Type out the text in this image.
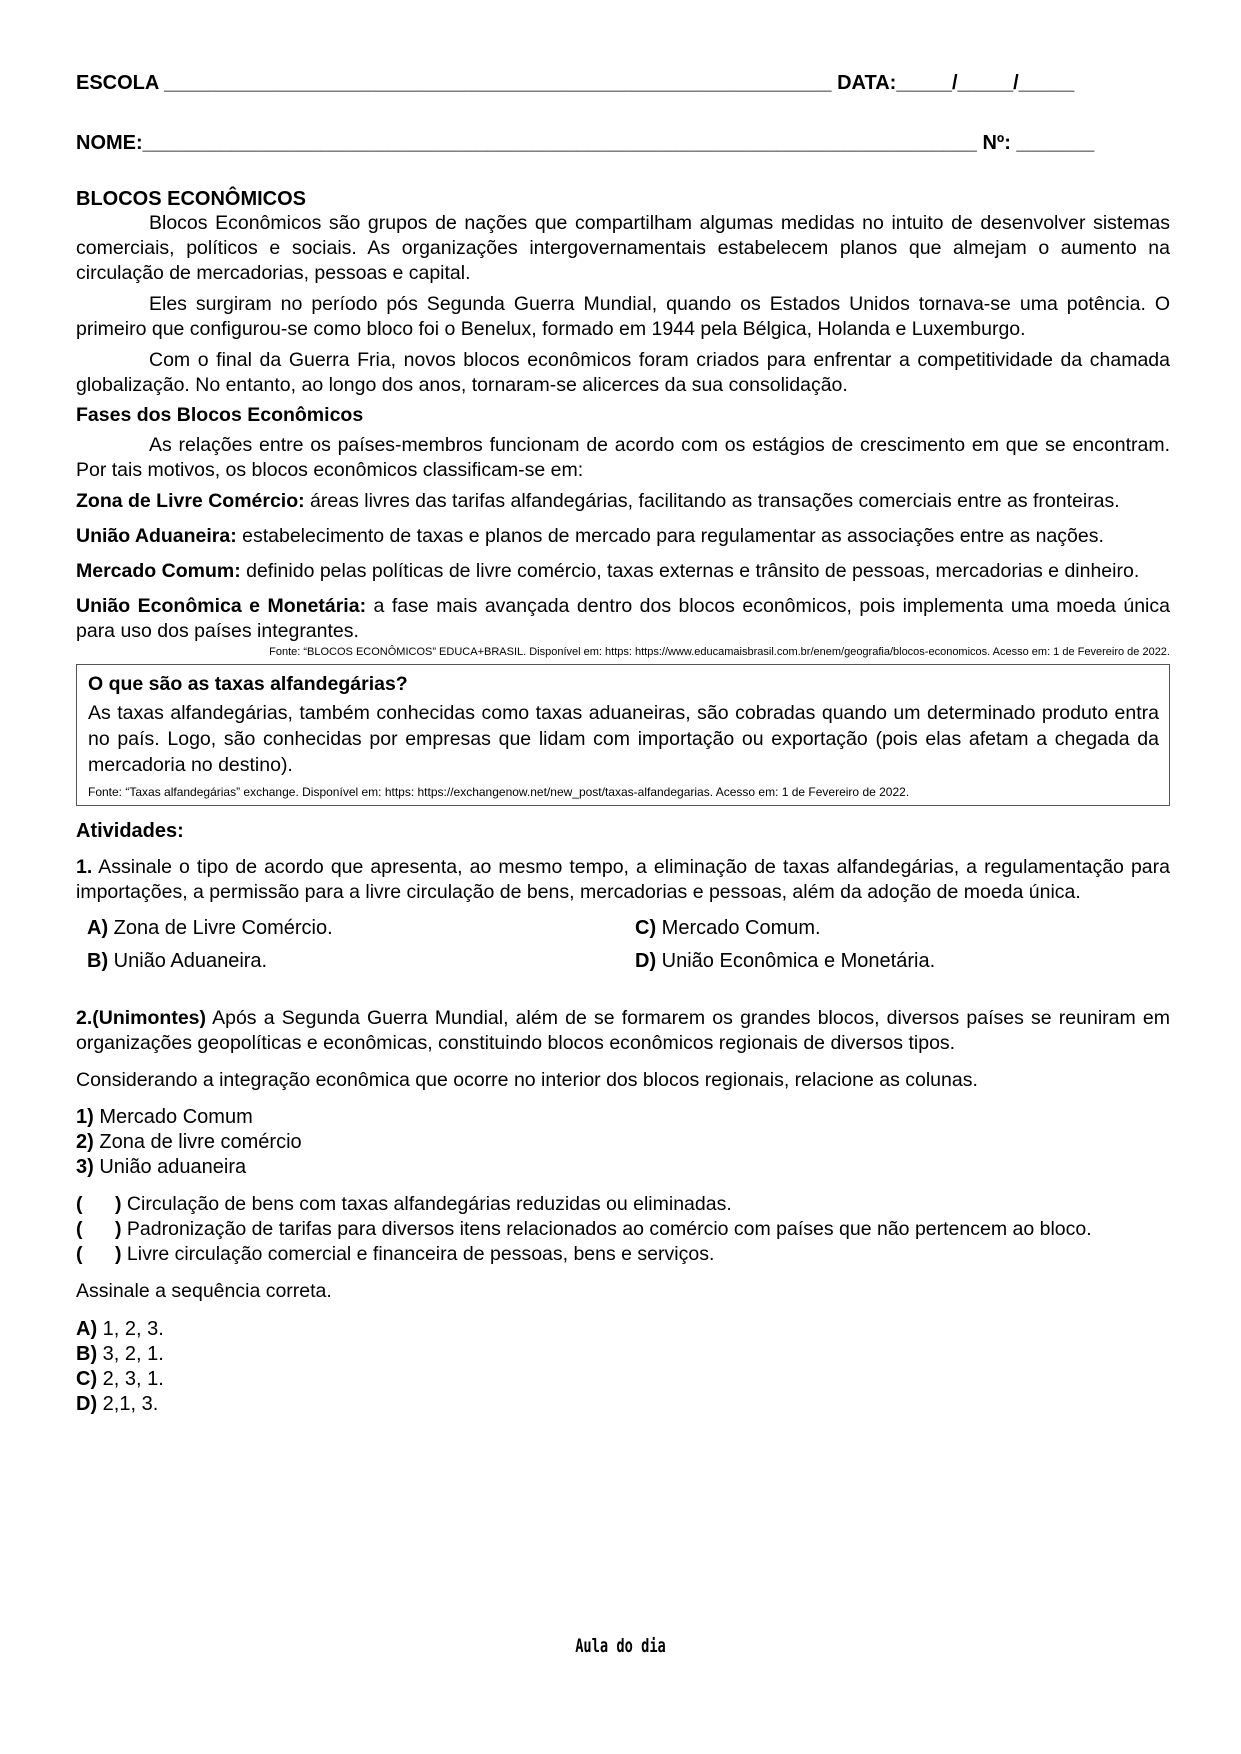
ESCOLA ____________________________________________________________ DATA:_____/_____/_____
NOME:___________________________________________________________________________ Nº: _______
BLOCOS ECONÔMICOS
Blocos Econômicos são grupos de nações que compartilham algumas medidas no intuito de desenvolver sistemas comerciais, políticos e sociais. As organizações intergovernamentais estabelecem planos que almejam o aumento na circulação de mercadorias, pessoas e capital.
Eles surgiram no período pós Segunda Guerra Mundial, quando os Estados Unidos tornava-se uma potência. O primeiro que configurou-se como bloco foi o Benelux, formado em 1944 pela Bélgica, Holanda e Luxemburgo.
Com o final da Guerra Fria, novos blocos econômicos foram criados para enfrentar a competitividade da chamada globalização. No entanto, ao longo dos anos, tornaram-se alicerces da sua consolidação.
Fases dos Blocos Econômicos
As relações entre os países-membros funcionam de acordo com os estágios de crescimento em que se encontram. Por tais motivos, os blocos econômicos classificam-se em:
Zona de Livre Comércio: áreas livres das tarifas alfandegárias, facilitando as transações comerciais entre as fronteiras.
União Aduaneira: estabelecimento de taxas e planos de mercado para regulamentar as associações entre as nações.
Mercado Comum: definido pelas políticas de livre comércio, taxas externas e trânsito de pessoas, mercadorias e dinheiro.
União Econômica e Monetária: a fase mais avançada dentro dos blocos econômicos, pois implementa uma moeda única para uso dos países integrantes.
Fonte: “BLOCOS ECONÔMICOS” EDUCA+BRASIL. Disponível em: https: https://www.educamaisbrasil.com.br/enem/geografia/blocos-economicos. Acesso em: 1 de Fevereiro de 2022.
O que são as taxas alfandegárias?
As taxas alfandegárias, também conhecidas como taxas aduaneiras, são cobradas quando um determinado produto entra no país. Logo, são conhecidas por empresas que lidam com importação ou exportação (pois elas afetam a chegada da mercadoria no destino).
Fonte: “Taxas alfandegárias” exchange. Disponível em: https: https://exchangenow.net/new_post/taxas-alfandegarias. Acesso em: 1 de Fevereiro de 2022.
Atividades:
1. Assinale o tipo de acordo que apresenta, ao mesmo tempo, a eliminação de taxas alfandegárias, a regulamentação para importações, a permissão para a livre circulação de bens, mercadorias e pessoas, além da adoção de moeda única.
A) Zona de Livre Comércio.	C) Mercado Comum.
B) União Aduaneira.	D) União Econômica e Monetária.
2.(Unimontes) Após a Segunda Guerra Mundial, além de se formarem os grandes blocos, diversos países se reuniram em organizações geopolíticas e econômicas, constituindo blocos econômicos regionais de diversos tipos.
Considerando a integração econômica que ocorre no interior dos blocos regionais, relacione as colunas.
1) Mercado Comum
2) Zona de livre comércio
3) União aduaneira
(      ) Circulação de bens com taxas alfandegárias reduzidas ou eliminadas.
(      ) Padronização de tarifas para diversos itens relacionados ao comércio com países que não pertencem ao bloco.
(      ) Livre circulação comercial e financeira de pessoas, bens e serviços.
Assinale a sequência correta.
A) 1, 2, 3.
B) 3, 2, 1.
C) 2, 3, 1.
D) 2,1, 3.
Aula do dia
